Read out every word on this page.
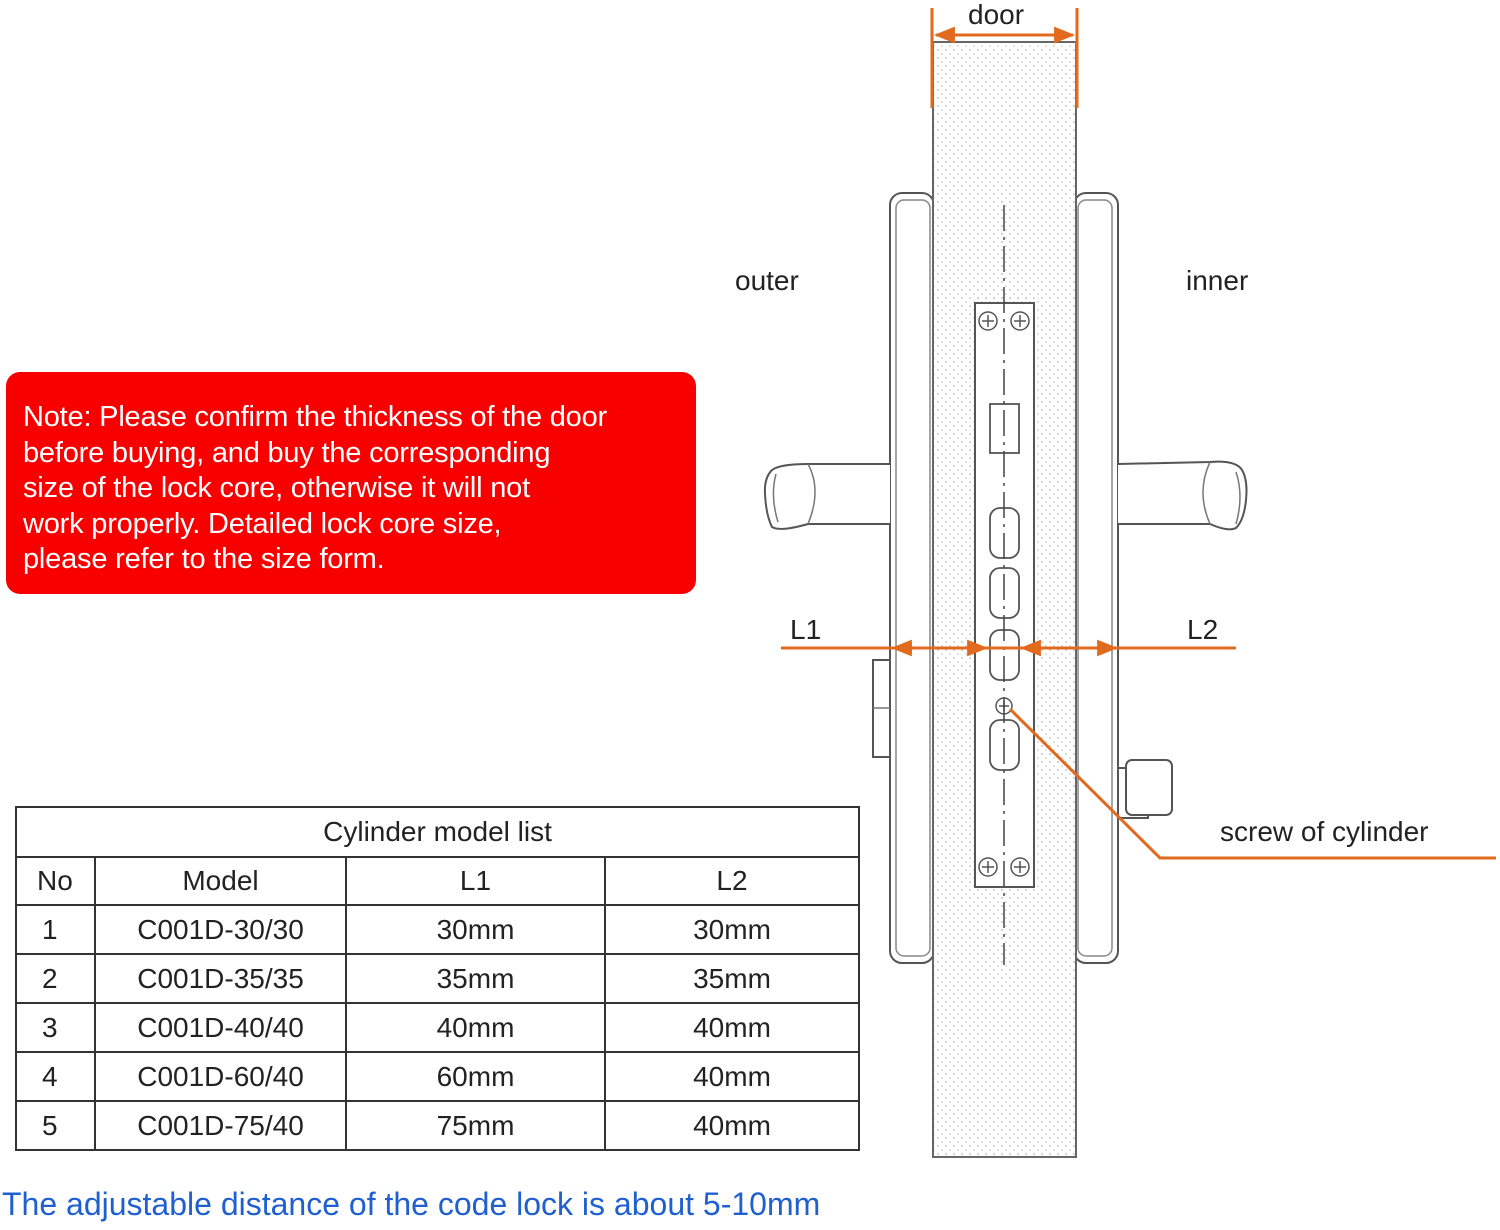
door
outer	inner
L1	L2
screw of cylinder
Note: Please confirm the thickness of the door
before buying, and buy the corresponding
size of the lock core, otherwise it will not
work properly. Detailed lock core size,
please refer to the size form.
Cylinder model list			
No	Model	L1	L2
1	C001D-30/30	30mm	30mm
2	C001D-35/35	35mm	35mm
3	C001D-40/40	40mm	40mm
4	C001D-60/40	60mm	40mm
5	C001D-75/40	75mm	40mm
The adjustable distance of the code lock is about 5-10mm
